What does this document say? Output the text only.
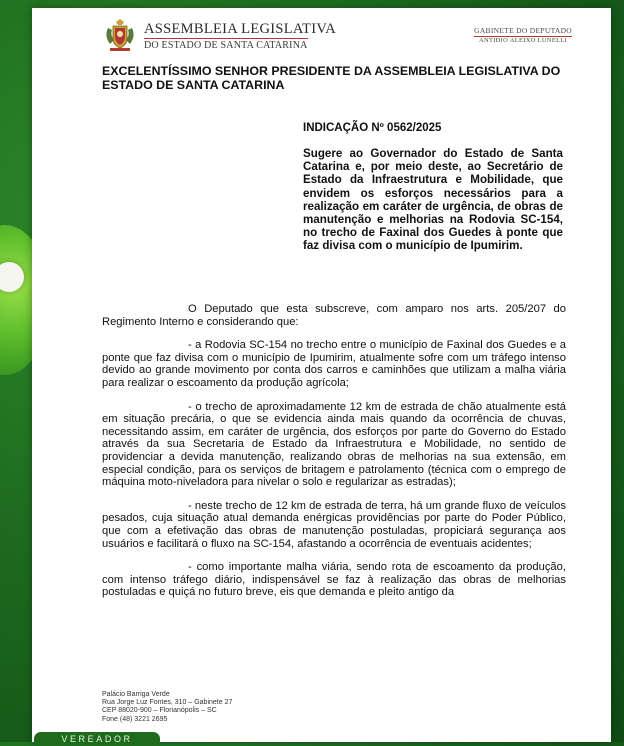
ASSEMBLEIA LEGISLATIVA
DO ESTADO DE SANTA CATARINA
GABINETE DO DEPUTADO
ANTIDIO ALEIXO LUNELLI
EXCELENTÍSSIMO SENHOR PRESIDENTE DA ASSEMBLEIA LEGISLATIVA DO ESTADO DE SANTA CATARINA
INDICAÇÃO Nº 0562/2025
Sugere ao Governador do Estado de Santa Catarina e, por meio deste, ao Secretário de Estado da Infraestrutura e Mobilidade, que envidem os esforços necessários para a realização em caráter de urgência, de obras de manutenção e melhorias na Rodovia SC-154, no trecho de Faxinal dos Guedes à ponte que faz divisa com o município de Ipumirim.

O Deputado que esta subscreve, com amparo nos arts. 205/207 do Regimento Interno e considerando que:

- a Rodovia SC-154 no trecho entre o município de Faxinal dos Guedes e a ponte que faz divisa com o município de Ipumirim, atualmente sofre com um tráfego intenso devido ao grande movimento por conta dos carros e caminhões que utilizam a malha viária para realizar o escoamento da produção agrícola;

- o trecho de aproximadamente 12 km de estrada de chão atualmente está em situação precária, o que se evidencia ainda mais quando da ocorrência de chuvas, necessitando assim, em caráter de urgência, dos esforços por parte do Governo do Estado através da sua Secretaria de Estado da Infraestrutura e Mobilidade, no sentido de providenciar a devida manutenção, realizando obras de melhorias na sua extensão, em especial condição, para os serviços de britagem e patrolamento (técnica com o emprego de máquina moto-niveladora para nivelar o solo e regularizar as estradas);

- neste trecho de 12 km de estrada de terra, há um grande fluxo de veículos pesados, cuja situação atual demanda enérgicas providências por parte do Poder Público, que com a efetivação das obras de manutenção postuladas, propiciará segurança aos usuários e facilitará o fluxo na SC-154, afastando a ocorrência de eventuais acidentes;

- como importante malha viária, sendo rota de escoamento da produção, com intenso tráfego diário, indispensável se faz à realização das obras de melhorias postuladas e quiçá no futuro breve, eis que demanda e pleito antigo da

Palácio Barriga Verde
Rua Jorge Luz Fontes, 310 – Gabinete 27
CEP 88020-900 – Florianópolis – SC
Fone (48) 3221 2695
VEREADOR
